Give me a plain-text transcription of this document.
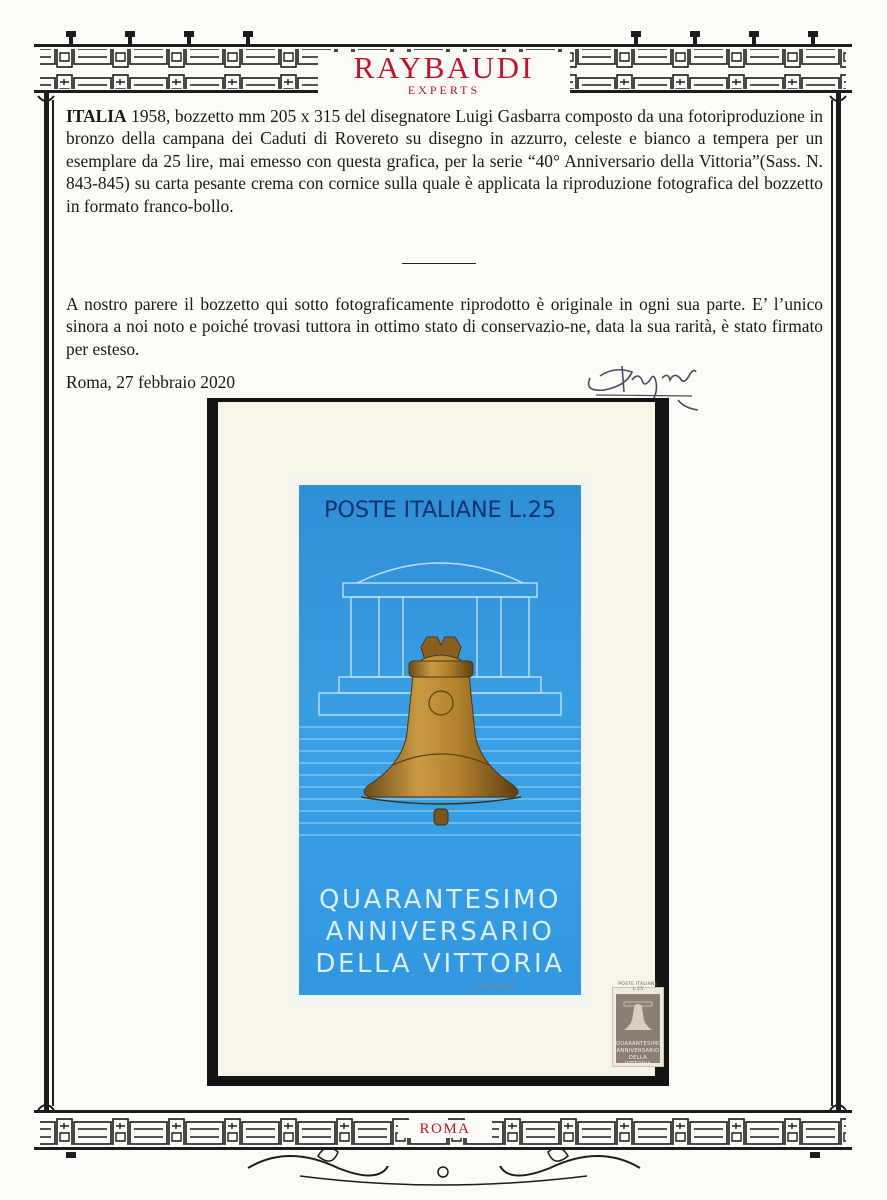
RAYBAUDI
EXPERTS
ITALIA 1958, bozzetto mm 205 x 315 del disegnatore Luigi Gasbarra composto da una fotoriproduzione in bronzo della campana dei Caduti di Rovereto su disegno in azzurro, celeste e bianco a tempera per un esemplare da 25 lire, mai emesso con questa grafica, per la serie “40° Anniversario della Vittoria”(Sass. N. 843-845) su carta pesante crema con cornice sulla quale è applicata la riproduzione fotografica del bozzetto in formato franco-bollo.
A nostro parere il bozzetto qui sotto fotograficamente riprodotto è originale in ogni sua parte. E’ l’unico sinora a noi noto e poiché trovasi tuttora in ottimo stato di conservazio-ne, data la sua rarità, è stato firmato per esteso.
Roma, 27 febbraio 2020
POSTE ITALIANE L.25
QUARANTESIMO
ANNIVERSARIO
DELLA VITTORIA
L.GASBARRA	POSTE ITALIANE L.25
QUARANTESIMO
ANNIVERSARIO
DELLA VITTORIA
ROMA
